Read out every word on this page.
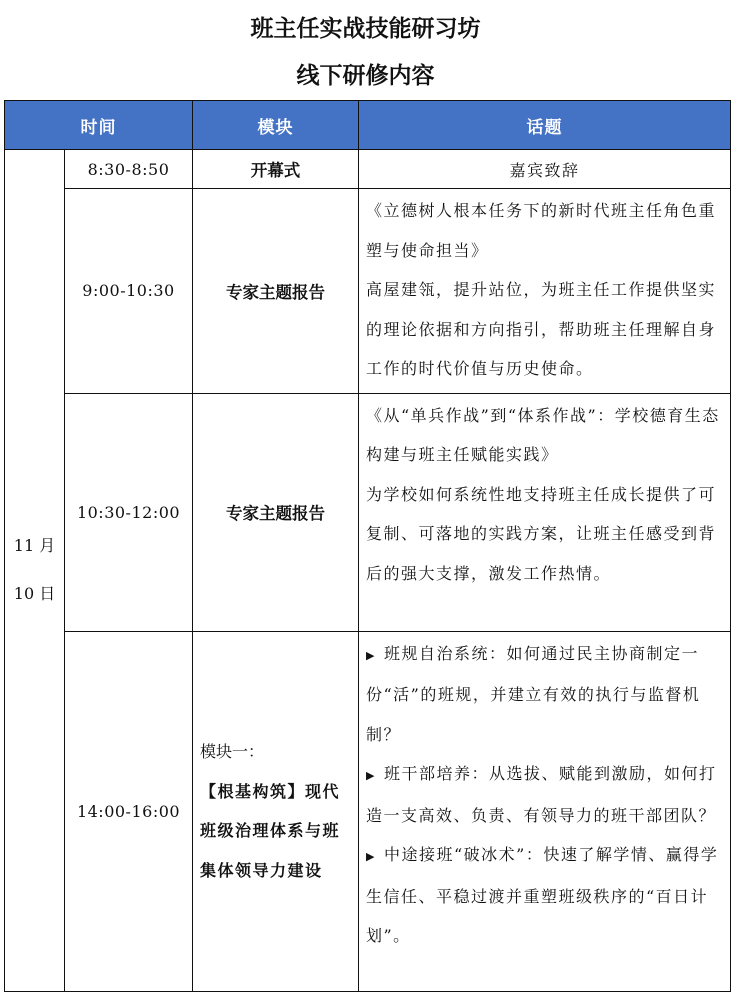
班主任实战技能研习坊
线下研修内容
时间		模块	话题

11 月
10 日	8:30-8:50	开幕式	嘉宾致辞
	9:00-10:30	专家主题报告	《立德树人根本任务下的新时代班主任角色重塑与使命担当》
高屋建瓴，提升站位，为班主任工作提供坚实的理论依据和方向指引，帮助班主任理解自身工作的时代价值与历史使命。

	10:30-12:00	专家主题报告	《从“单兵作战”到“体系作战”：学校德育生态构建与班主任赋能实践》
为学校如何系统性地支持班主任成长提供了可复制、可落地的实践方案，让班主任感受到背后的强大支撑，激发工作热情。

	14:00-16:00	模块一：
【根基构筑】现代班级治理体系与班集体领导力建设	▶ 班规自治系统：如何通过民主协商制定一份“活”的班规，并建立有效的执行与监督机制？
▶ 班干部培养：从选拔、赋能到激励，如何打造一支高效、负责、有领导力的班干部团队？
▶ 中途接班“破冰术”：快速了解学情、赢得学生信任、平稳过渡并重塑班级秩序的“百日计划”。
